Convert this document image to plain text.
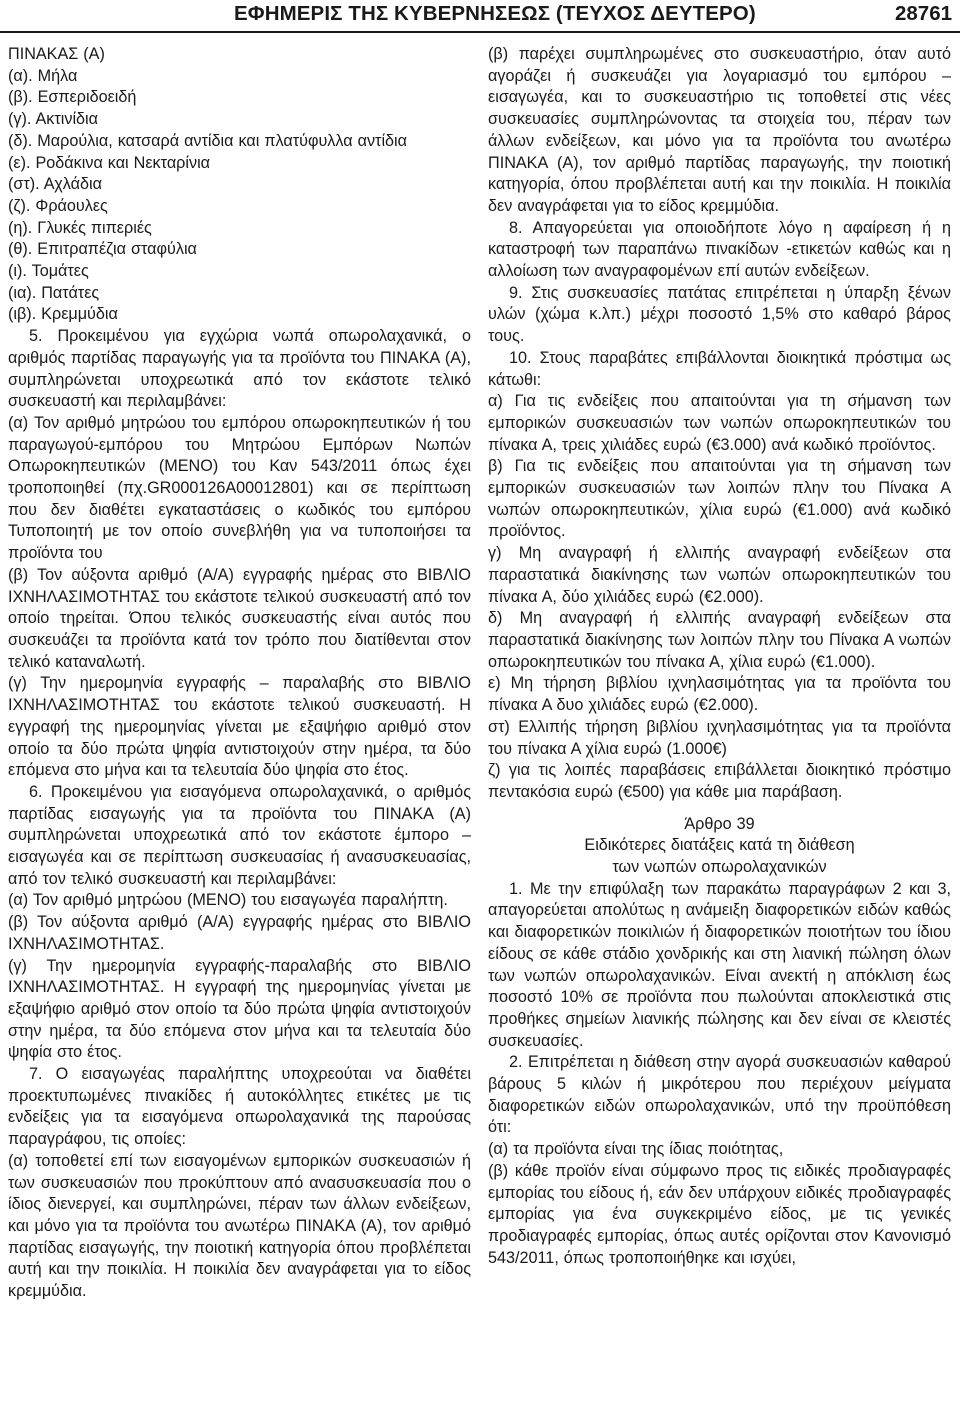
ΕΦΗΜΕΡΙΣ ΤΗΣ ΚΥΒΕΡΝΗΣΕΩΣ (ΤΕΥΧΟΣ ΔΕΥΤΕΡΟ)	28761

ΠΙΝΑΚΑΣ (Α)

(α). Μήλα

(β). Εσπεριδοειδή

(γ). Ακτινίδια

(δ). Μαρούλια, κατσαρά αντίδια και πλατύφυλλα αντίδια

(ε). Ροδάκινα και Νεκταρίνια

(στ). Αχλάδια

(ζ). Φράουλες

(η). Γλυκές πιπεριές

(θ). Επιτραπέζια σταφύλια

(ι). Τομάτες

(ια). Πατάτες

(ιβ). Κρεμμύδια

5. Προκειμένου για εγχώρια νωπά οπωρολαχανικά, ο αριθμός παρτίδας παραγωγής για τα προϊόντα του ΠΙΝΑΚΑ (Α), συμπληρώνεται υποχρεωτικά από τον εκάστοτε τελικό συσκευαστή και περιλαμβάνει:

(α) Τον αριθμό μητρώου του εμπόρου οπωροκηπευτικών ή του παραγωγού-εμπόρου του Μητρώου Εμπόρων Νωπών Οπωροκηπευτικών (ΜΕΝΟ) του Καν 543/2011 όπως έχει τροποποιηθεί (πχ.GR000126A00012801) και σε περίπτωση που δεν διαθέτει εγκαταστάσεις ο κωδικός του εμπόρου Τυποποιητή με τον οποίο συνεβλήθη για να τυποποιήσει τα προϊόντα του

(β) Τον αύξοντα αριθμό (Α/Α) εγγραφής ημέρας στο ΒΙΒΛΙΟ ΙΧΝΗΛΑΣΙΜΟΤΗΤΑΣ του εκάστοτε τελικού συσκευαστή από τον οποίο τηρείται. Όπου τελικός συσκευαστής είναι αυτός που συσκευάζει τα προϊόντα κατά τον τρόπο που διατίθενται στον τελικό καταναλωτή.

(γ) Την ημερομηνία εγγραφής – παραλαβής στο ΒΙΒΛΙΟ ΙΧΝΗΛΑΣΙΜΟΤΗΤΑΣ του εκάστοτε τελικού συσκευαστή. Η εγγραφή της ημερομηνίας γίνεται με εξαψήφιο αριθμό στον οποίο τα δύο πρώτα ψηφία αντιστοιχούν στην ημέρα, τα δύο επόμενα στο μήνα και τα τελευταία δύο ψηφία στο έτος.

6. Προκειμένου για εισαγόμενα οπωρολαχανικά, ο αριθμός παρτίδας εισαγωγής για τα προϊόντα του ΠΙΝΑΚΑ (Α) συμπληρώνεται υποχρεωτικά από τον εκάστοτε έμπορο – εισαγωγέα και σε περίπτωση συσκευασίας ή ανασυσκευασίας, από τον τελικό συσκευαστή και περιλαμβάνει:

(α) Τον αριθμό μητρώου (ΜΕΝΟ) του εισαγωγέα παραλήπτη.

(β) Τον αύξοντα αριθμό (Α/Α) εγγραφής ημέρας στο ΒΙΒΛΙΟ ΙΧΝΗΛΑΣΙΜΟΤΗΤΑΣ.

(γ) Την ημερομηνία εγγραφής-παραλαβής στο ΒΙΒΛΙΟ ΙΧΝΗΛΑΣΙΜΟΤΗΤΑΣ. Η εγγραφή της ημερομηνίας γίνεται με εξαψήφιο αριθμό στον οποίο τα δύο πρώτα ψηφία αντιστοιχούν στην ημέρα, τα δύο επόμενα στον μήνα και τα τελευταία δύο ψηφία στο έτος.

7. Ο εισαγωγέας παραλήπτης υποχρεούται να διαθέτει προεκτυπωμένες πινακίδες ή αυτοκόλλητες ετικέτες με τις ενδείξεις για τα εισαγόμενα οπωρολαχανικά της παρούσας παραγράφου, τις οποίες:

(α) τοποθετεί επί των εισαγομένων εμπορικών συσκευασιών ή των συσκευασιών που προκύπτουν από ανασυσκευασία που ο ίδιος διενεργεί, και συμπληρώνει, πέραν των άλλων ενδείξεων, και μόνο για τα προϊόντα του ανωτέρω ΠΙΝΑΚΑ (Α), τον αριθμό παρτίδας εισαγωγής, την ποιοτική κατηγορία όπου προβλέπεται αυτή και την ποικιλία. Η ποικιλία δεν αναγράφεται για το είδος κρεμμύδια.

(β) παρέχει συμπληρωμένες στο συσκευαστήριο, όταν αυτό αγοράζει ή συσκευάζει για λογαριασμό του εμπόρου – εισαγωγέα, και το συσκευαστήριο τις τοποθετεί στις νέες συσκευασίες συμπληρώνοντας τα στοιχεία του, πέραν των άλλων ενδείξεων, και μόνο για τα προϊόντα του ανωτέρω ΠΙΝΑΚΑ (Α), τον αριθμό παρτίδας παραγωγής, την ποιοτική κατηγορία, όπου προβλέπεται αυτή και την ποικιλία. Η ποικιλία δεν αναγράφεται για το είδος κρεμμύδια.

8. Απαγορεύεται για οποιοδήποτε λόγο η αφαίρεση ή η καταστροφή των παραπάνω πινακίδων -ετικετών καθώς και η αλλοίωση των αναγραφομένων επί αυτών ενδείξεων.

9. Στις συσκευασίες πατάτας επιτρέπεται η ύπαρξη ξένων υλών (χώμα κ.λπ.) μέχρι ποσοστό 1,5% στο καθαρό βάρος τους.

10. Στους παραβάτες επιβάλλονται διοικητικά πρόστιμα ως κάτωθι:

α) Για τις ενδείξεις που απαιτούνται για τη σήμανση των εμπορικών συσκευασιών των νωπών οπωροκηπευτικών του πίνακα Α, τρεις χιλιάδες ευρώ (€3.000) ανά κωδικό προϊόντος.

β) Για τις ενδείξεις που απαιτούνται για τη σήμανση των εμπορικών συσκευασιών των λοιπών πλην του Πίνακα Α νωπών οπωροκηπευτικών, χίλια ευρώ (€1.000) ανά κωδικό προϊόντος.

γ) Μη αναγραφή ή ελλιπής αναγραφή ενδείξεων στα παραστατικά διακίνησης των νωπών οπωροκηπευτικών του πίνακα Α, δύο χιλιάδες ευρώ (€2.000).

δ) Μη αναγραφή ή ελλιπής αναγραφή ενδείξεων στα παραστατικά διακίνησης των λοιπών πλην του Πίνακα Α νωπών οπωροκηπευτικών του πίνακα Α, χίλια ευρώ (€1.000).

ε) Μη τήρηση βιβλίου ιχνηλασιμότητας για τα προϊόντα του πίνακα Α δυο χιλιάδες ευρώ (€2.000).

στ) Ελλιπής τήρηση βιβλίου ιχνηλασιμότητας για τα προϊόντα του πίνακα Α χίλια ευρώ (1.000€)

ζ) για τις λοιπές παραβάσεις επιβάλλεται διοικητικό πρόστιμο πεντακόσια ευρώ (€500) για κάθε μια παράβαση.

Άρθρο 39

Ειδικότερες διατάξεις κατά τη διάθεση

των νωπών οπωρολαχανικών

1. Με την επιφύλαξη των παρακάτω παραγράφων 2 και 3, απαγορεύεται απολύτως η ανάμειξη διαφορετικών ειδών καθώς και διαφορετικών ποικιλιών ή διαφορετικών ποιοτήτων του ίδιου είδους σε κάθε στάδιο χονδρικής και στη λιανική πώληση όλων των νωπών οπωρολαχανικών. Είναι ανεκτή η απόκλιση έως ποσοστό 10% σε προϊόντα που πωλούνται αποκλειστικά στις προθήκες σημείων λιανικής πώλησης και δεν είναι σε κλειστές συσκευασίες.

2. Επιτρέπεται η διάθεση στην αγορά συσκευασιών καθαρού βάρους 5 κιλών ή μικρότερου που περιέχουν μείγματα διαφορετικών ειδών οπωρολαχανικών, υπό την προϋπόθεση ότι:

(α) τα προϊόντα είναι της ίδιας ποιότητας,

(β) κάθε προϊόν είναι σύμφωνο προς τις ειδικές προδιαγραφές εμπορίας του είδους ή, εάν δεν υπάρχουν ειδικές προδιαγραφές εμπορίας για ένα συγκεκριμένο είδος, με τις γενικές προδιαγραφές εμπορίας, όπως αυτές ορίζονται στον Κανονισμό 543/2011, όπως τροποποιήθηκε και ισχύει,
